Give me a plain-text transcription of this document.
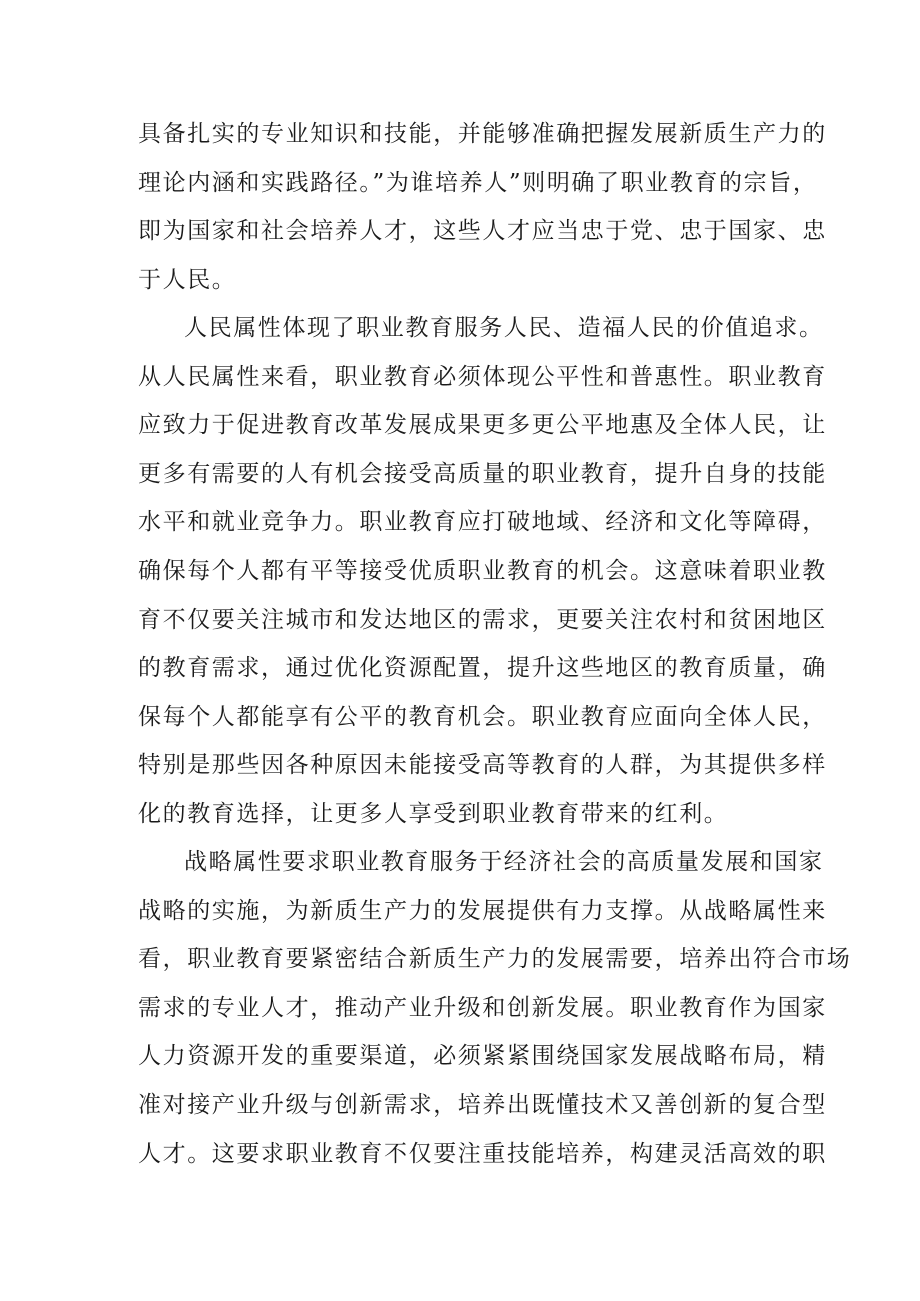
具备扎实的专业知识和技能，并能够准确把握发展新质生产力的
理论内涵和实践路径。”为谁培养人”则明确了职业教育的宗旨，
即为国家和社会培养人才，这些人才应当忠于党、忠于国家、忠
于人民。
人民属性体现了职业教育服务人民、造福人民的价值追求。
从人民属性来看，职业教育必须体现公平性和普惠性。职业教育
应致力于促进教育改革发展成果更多更公平地惠及全体人民，让
更多有需要的人有机会接受高质量的职业教育，提升自身的技能
水平和就业竞争力。职业教育应打破地域、经济和文化等障碍，
确保每个人都有平等接受优质职业教育的机会。这意味着职业教
育不仅要关注城市和发达地区的需求，更要关注农村和贫困地区
的教育需求，通过优化资源配置，提升这些地区的教育质量，确
保每个人都能享有公平的教育机会。职业教育应面向全体人民，
特别是那些因各种原因未能接受高等教育的人群，为其提供多样
化的教育选择，让更多人享受到职业教育带来的红利。
战略属性要求职业教育服务于经济社会的高质量发展和国家
战略的实施，为新质生产力的发展提供有力支撑。从战略属性来
看，职业教育要紧密结合新质生产力的发展需要，培养出符合市场
需求的专业人才，推动产业升级和创新发展。职业教育作为国家
人力资源开发的重要渠道，必须紧紧围绕国家发展战略布局，精
准对接产业升级与创新需求，培养出既懂技术又善创新的复合型
人才。这要求职业教育不仅要注重技能培养，构建灵活高效的职
